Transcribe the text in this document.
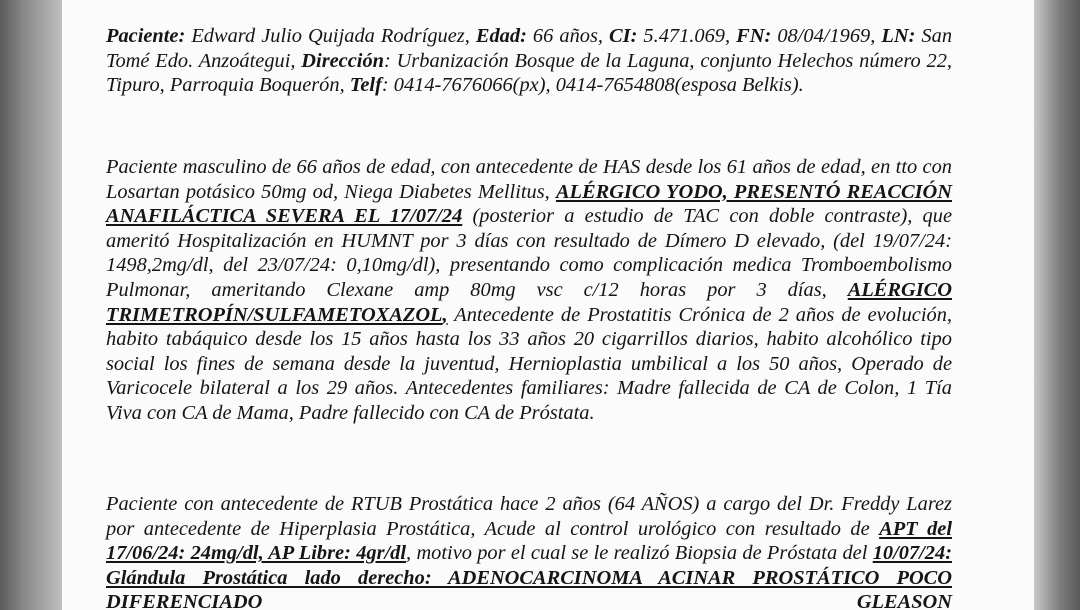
Paciente: Edward Julio Quijada Rodríguez, Edad: 66 años, CI: 5.471.069, FN: 08/04/1969, LN: San Tomé Edo. Anzoátegui, Dirección: Urbanización Bosque de la Laguna, conjunto Helechos número 22, Tipuro, Parroquia Boquerón, Telf: 0414-7676066(px), 0414-7654808(esposa Belkis).

Paciente masculino de 66 años de edad, con antecedente de HAS desde los 61 años de edad, en tto con Losartan potásico 50mg od, Niega Diabetes Mellitus, ALÉRGICO YODO, PRESENTÓ REACCIÓN ANAFILÁCTICA SEVERA EL 17/07/24 (posterior a estudio de TAC con doble contraste), que ameritó Hospitalización en HUMNT por 3 días con resultado de Dímero D elevado, (del 19/07/24: 1498,2mg/dl, del 23/07/24: 0,10mg/dl), presentando como complicación medica Tromboembolismo Pulmonar, ameritando Clexane amp 80mg vsc c/12 horas por 3 días, ALÉRGICO TRIMETROPÍN/SULFAMETOXAZOL, Antecedente de Prostatitis Crónica de 2 años de evolución, habito tabáquico desde los 15 años hasta los 33 años 20 cigarrillos diarios, habito alcohólico tipo social los fines de semana desde la juventud, Hernioplastia umbilical a los 50 años, Operado de Varicocele bilateral a los 29 años. Antecedentes familiares: Madre fallecida de CA de Colon, 1 Tía Viva con CA de Mama, Padre fallecido con CA de Próstata.

Paciente con antecedente de RTUB Prostática hace 2 años (64 AÑOS) a cargo del Dr. Freddy Larez por antecedente de Hiperplasia Prostática, Acude al control urológico con resultado de APT del 17/06/24: 24mg/dl, AP Libre: 4gr/dl, motivo por el cual se le realizó Biopsia de Próstata del 10/07/24: Glándula Prostática lado derecho: ADENOCARCINOMA ACINAR PROSTÁTICO POCO DIFERENCIADO GLEASON
